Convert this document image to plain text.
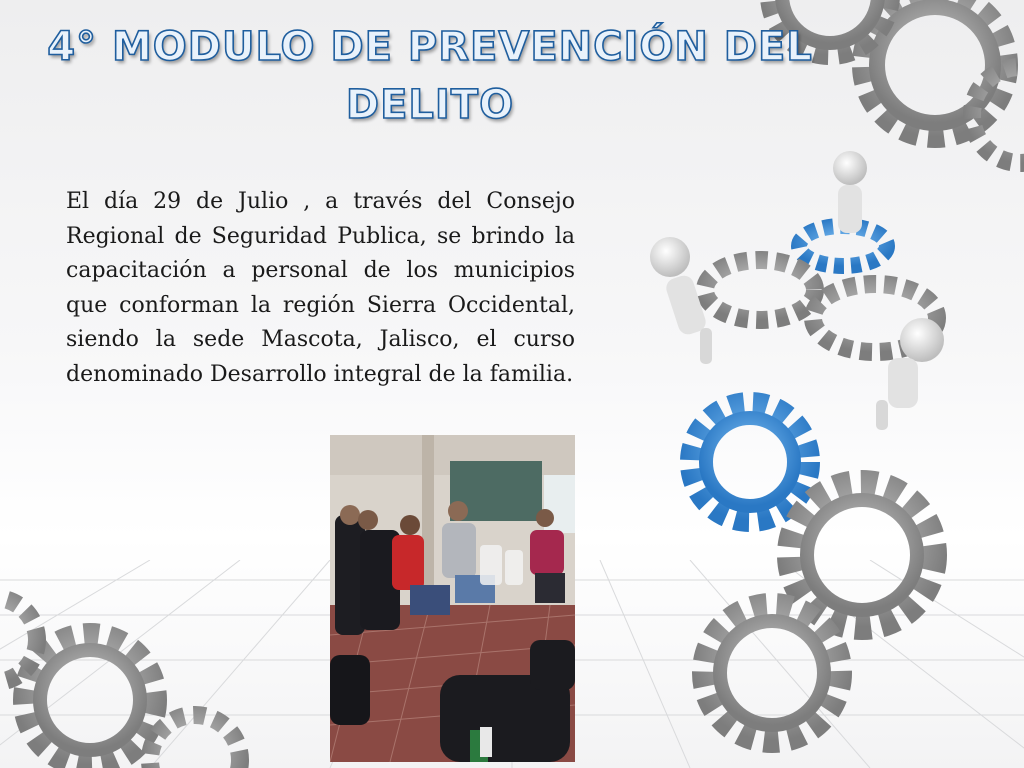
4° MODULO DE PREVENCIÓN DEL DELITO

El día 29 de Julio , a través del Consejo Regional de Seguridad Publica, se brindo la capacitación a personal de los municipios que conforman la región Sierra Occidental, siendo la sede Mascota, Jalisco, el curso denominado Desarrollo integral de la familia.
